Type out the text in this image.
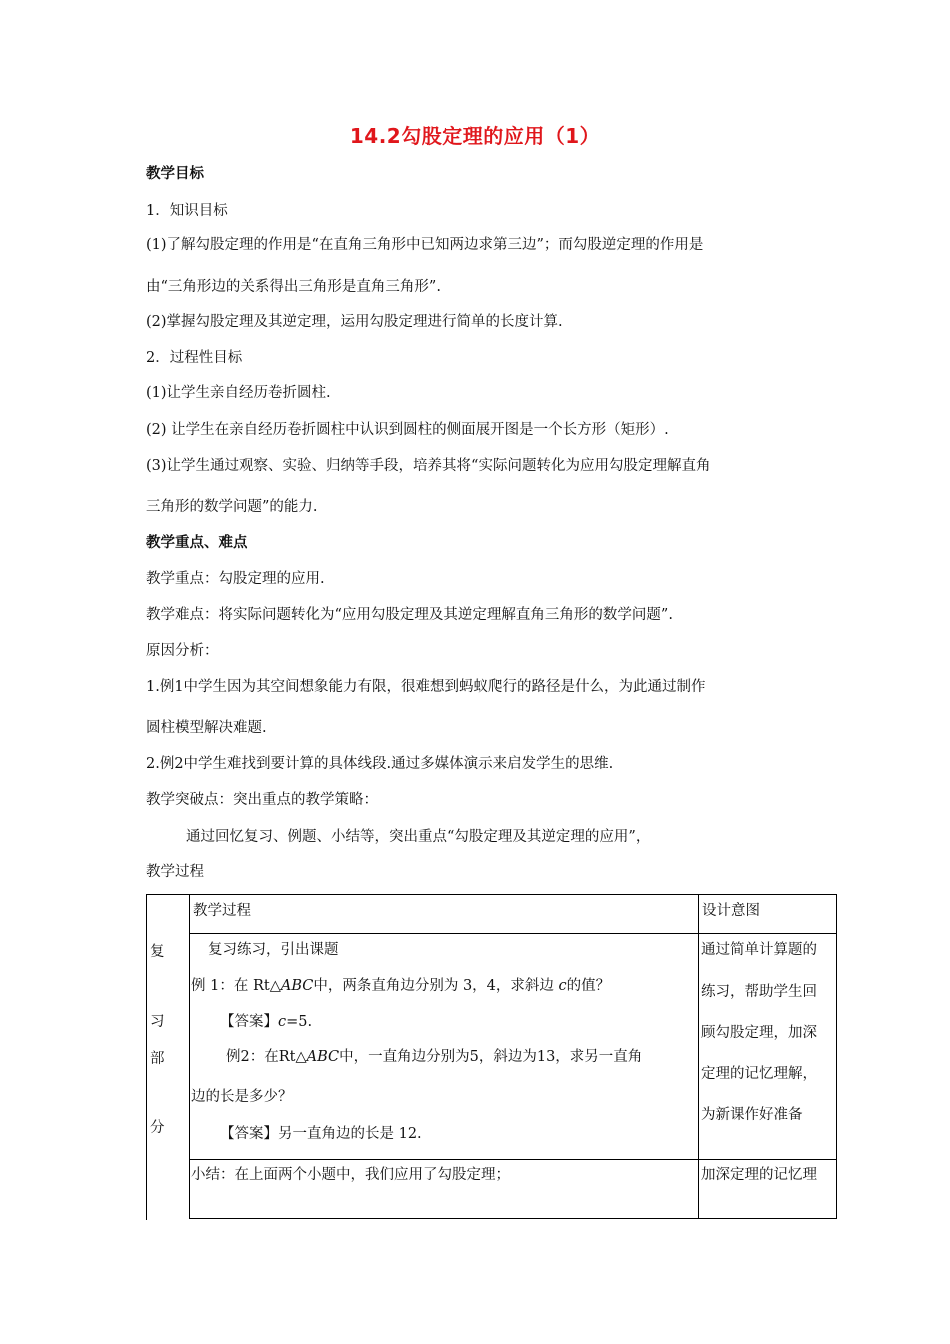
14.2勾股定理的应用（1）
教学目标
1．知识目标
(1)了解勾股定理的作用是“在直角三角形中已知两边求第三边”；而勾股逆定理的作用是
由“三角形边的关系得出三角形是直角三角形”.
(2)掌握勾股定理及其逆定理，运用勾股定理进行简单的长度计算.
2．过程性目标
(1)让学生亲自经历卷折圆柱.
(2) 让学生在亲自经历卷折圆柱中认识到圆柱的侧面展开图是一个长方形（矩形）.
(3)让学生通过观察、实验、归纳等手段，培养其将“实际问题转化为应用勾股定理解直角
三角形的数学问题”的能力.
教学重点、难点
教学重点：勾股定理的应用.
教学难点：将实际问题转化为“应用勾股定理及其逆定理解直角三角形的数学问题”.
原因分析：
1.例1中学生因为其空间想象能力有限，很难想到蚂蚁爬行的路径是什么，为此通过制作
圆柱模型解决难题.
2.例2中学生难找到要计算的具体线段.通过多媒体演示来启发学生的思维.
教学突破点：突出重点的教学策略：
通过回忆复习、例题、小结等，突出重点“勾股定理及其逆定理的应用”，
教学过程
教学过程	设计意图
复
习
部
分
复习练习，引出课题
例 1：在 Rt△ABC中，两条直角边分别为 3，4，求斜边 c的值？
【答案】c=5.
例2：在Rt△ABC中，一直角边分别为5，斜边为13，求另一直角
边的长是多少？
【答案】另一直角边的长是 12.
通过简单计算题的
练习，帮助学生回
顾勾股定理，加深
定理的记忆理解，
为新课作好准备
小结：在上面两个小题中，我们应用了勾股定理；	加深定理的记忆理
